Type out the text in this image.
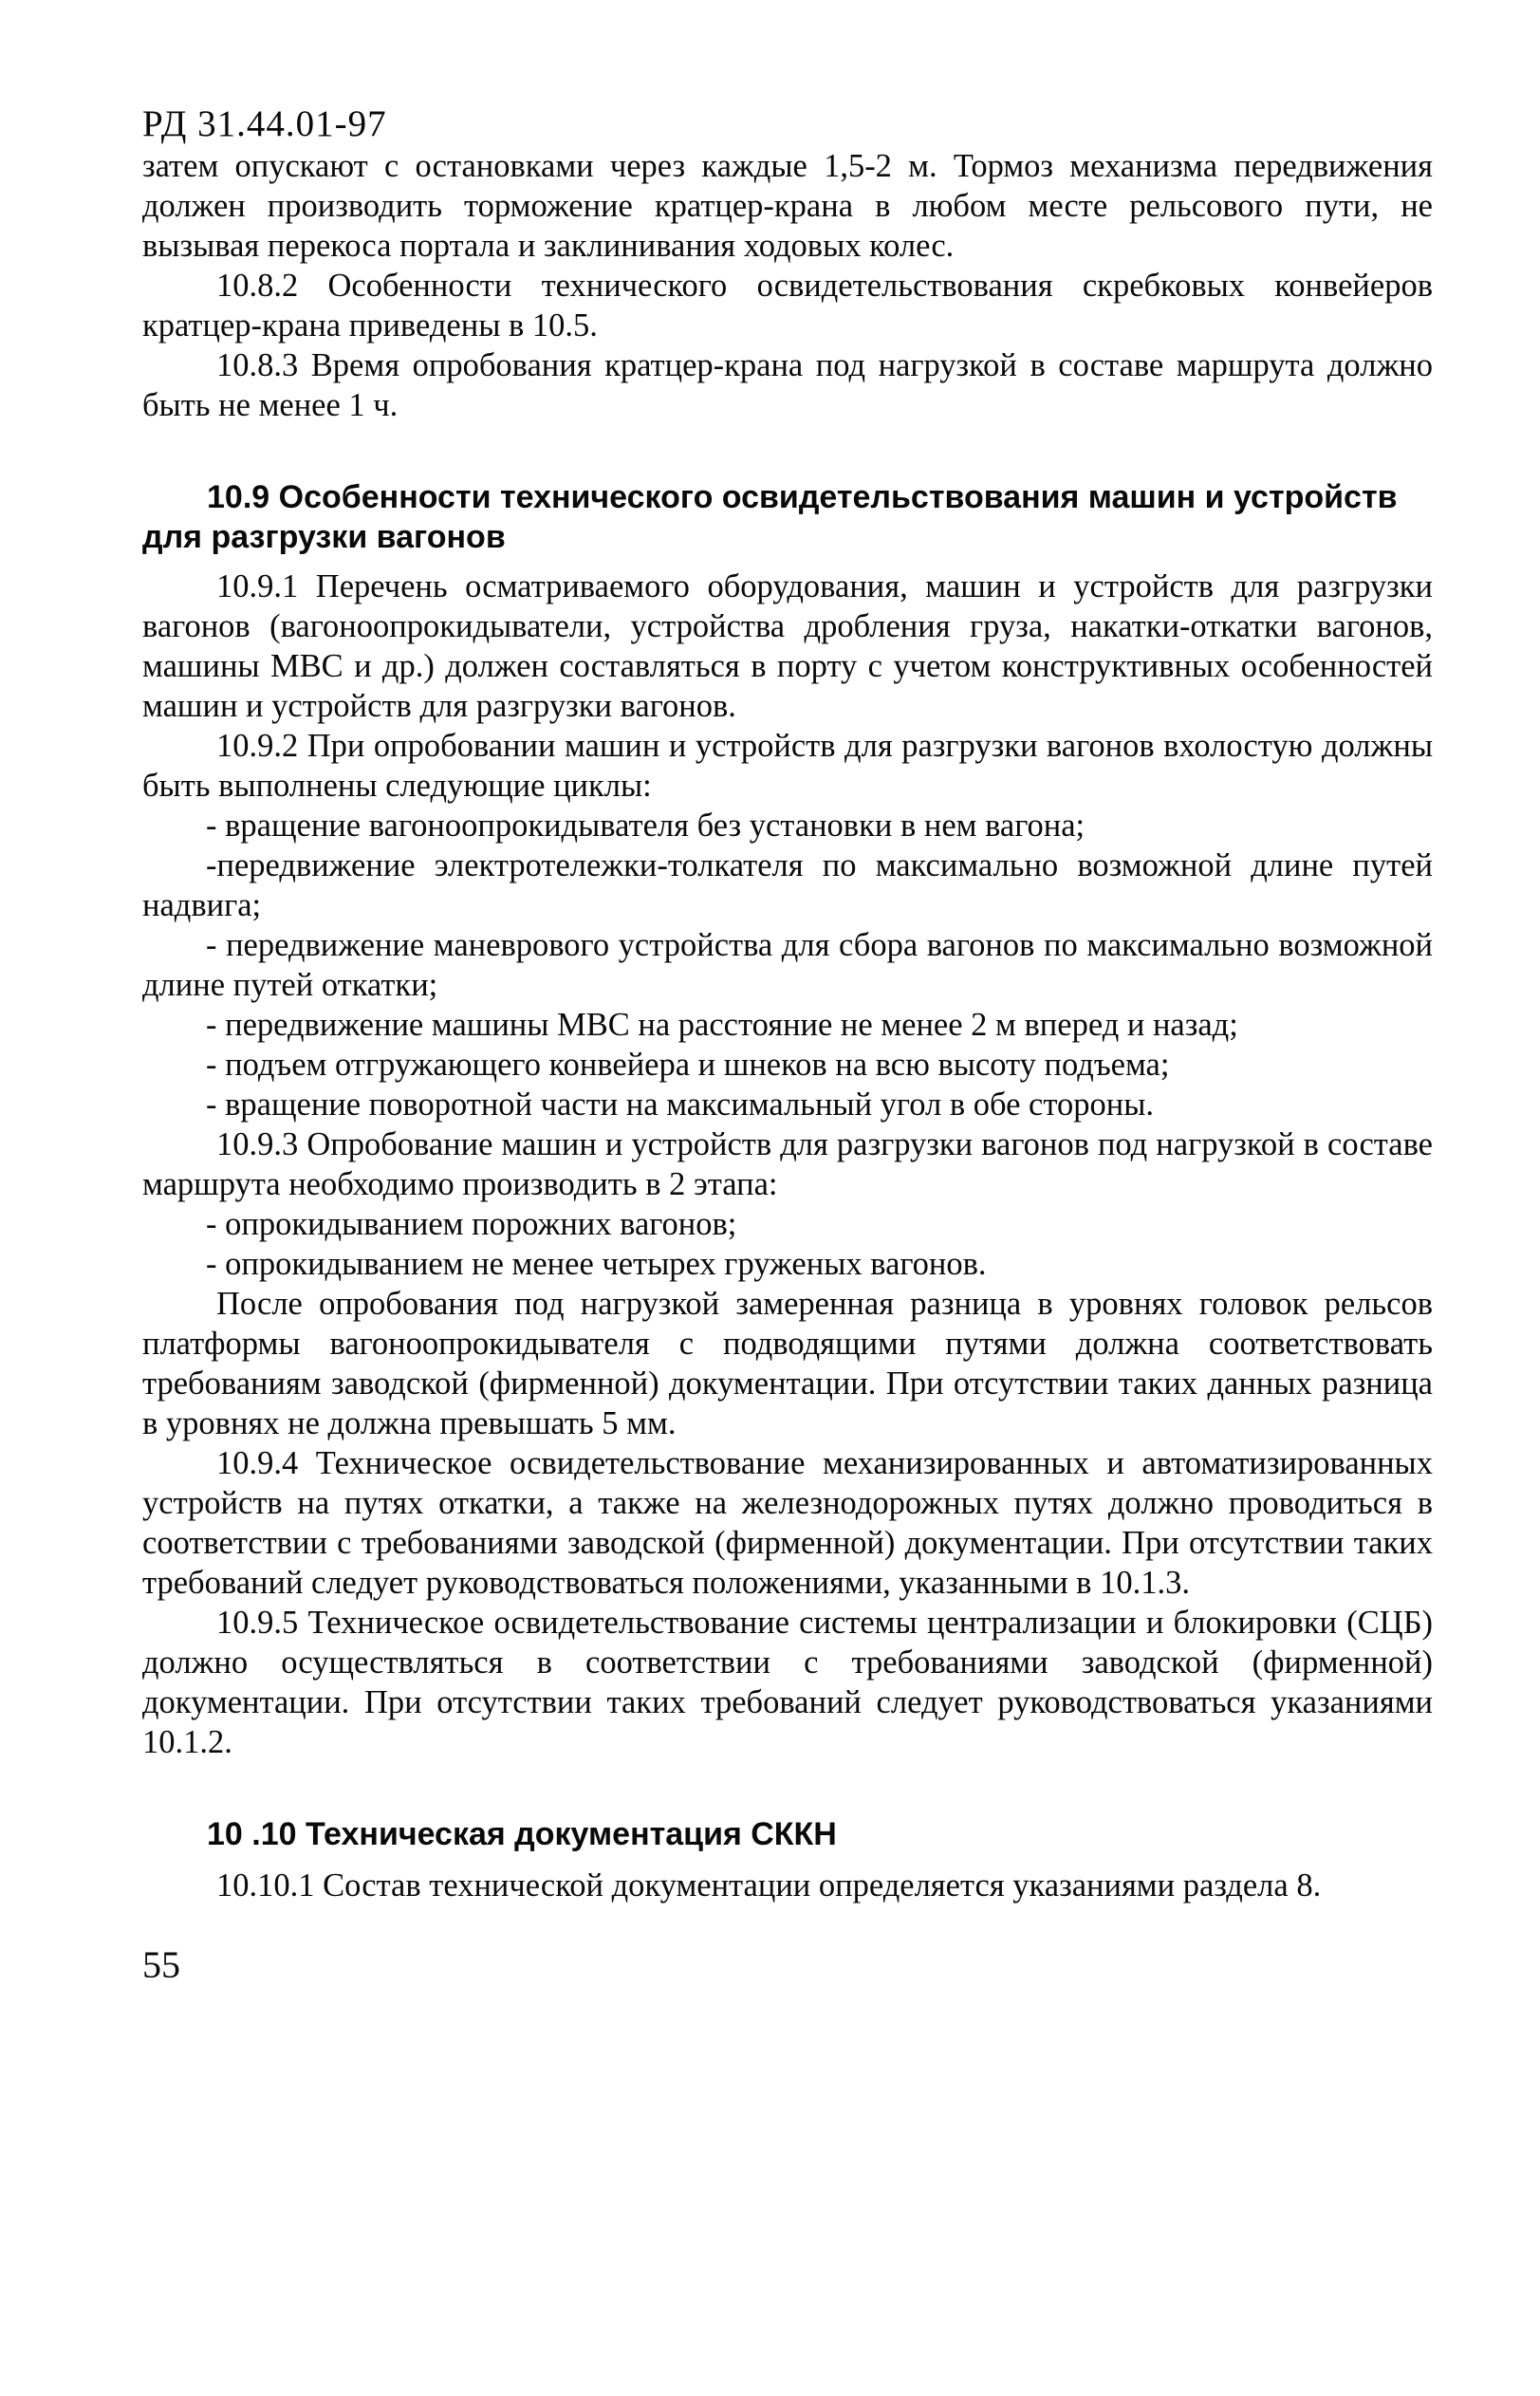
РД 31.44.01-97

затем опускают с остановками через каждые 1,5-2 м. Тормоз механизма передвижения должен производить торможение кратцер-крана в любом месте рельсового пути, не вызывая перекоса портала и заклинивания ходовых колес.

10.8.2 Особенности технического освидетельствования скребковых конвейеров кратцер-крана приведены в 10.5.

10.8.3 Время опробования кратцер-крана под нагрузкой в составе маршрута должно быть не менее 1 ч.

10.9 Особенности технического освидетельствования машин и устройств для разгрузки вагонов

10.9.1 Перечень осматриваемого оборудования, машин и устройств для разгрузки вагонов (вагоноопрокидыватели, устройства дробления груза, накатки-откатки вагонов, машины МВС и др.) должен составляться в порту с учетом конструктивных особенностей машин и устройств для разгрузки вагонов.

10.9.2 При опробовании машин и устройств для разгрузки вагонов вхолостую должны быть выполнены следующие циклы:

- вращение вагоноопрокидывателя без установки в нем вагона;

-передвижение электротележки-толкателя по максимально возможной длине путей надвига;

- передвижение маневрового устройства для сбора вагонов по максимально возможной длине путей откатки;

- передвижение машины МВС на расстояние не менее 2 м вперед и назад;

- подъем отгружающего конвейера и шнеков на всю высоту подъема;

- вращение поворотной части на максимальный угол в обе стороны.

10.9.3 Опробование машин и устройств для разгрузки вагонов под нагрузкой в составе маршрута необходимо производить в 2 этапа:

- опрокидыванием порожних вагонов;

- опрокидыванием не менее четырех груженых вагонов.

После опробования под нагрузкой замеренная разница в уровнях головок рельсов платформы вагоноопрокидывателя с подводящими путями должна соответствовать требованиям заводской (фирменной) документации. При отсутствии таких данных разница в уровнях не должна превышать 5 мм.

10.9.4 Техническое освидетельствование механизированных и автоматизированных устройств на путях откатки, а также на железнодорожных путях должно проводиться в соответствии с требованиями заводской (фирменной) документации. При отсутствии таких требований следует руководствоваться положениями, указанными в 10.1.3.

10.9.5 Техническое освидетельствование системы централизации и блокировки (СЦБ) должно осуществляться в соответствии с требованиями заводской (фирменной) документации. При отсутствии таких требований следует руководствоваться указаниями 10.1.2.

10 .10 Техническая документация СККН

10.10.1 Состав технической документации определяется указаниями раздела 8.

55
